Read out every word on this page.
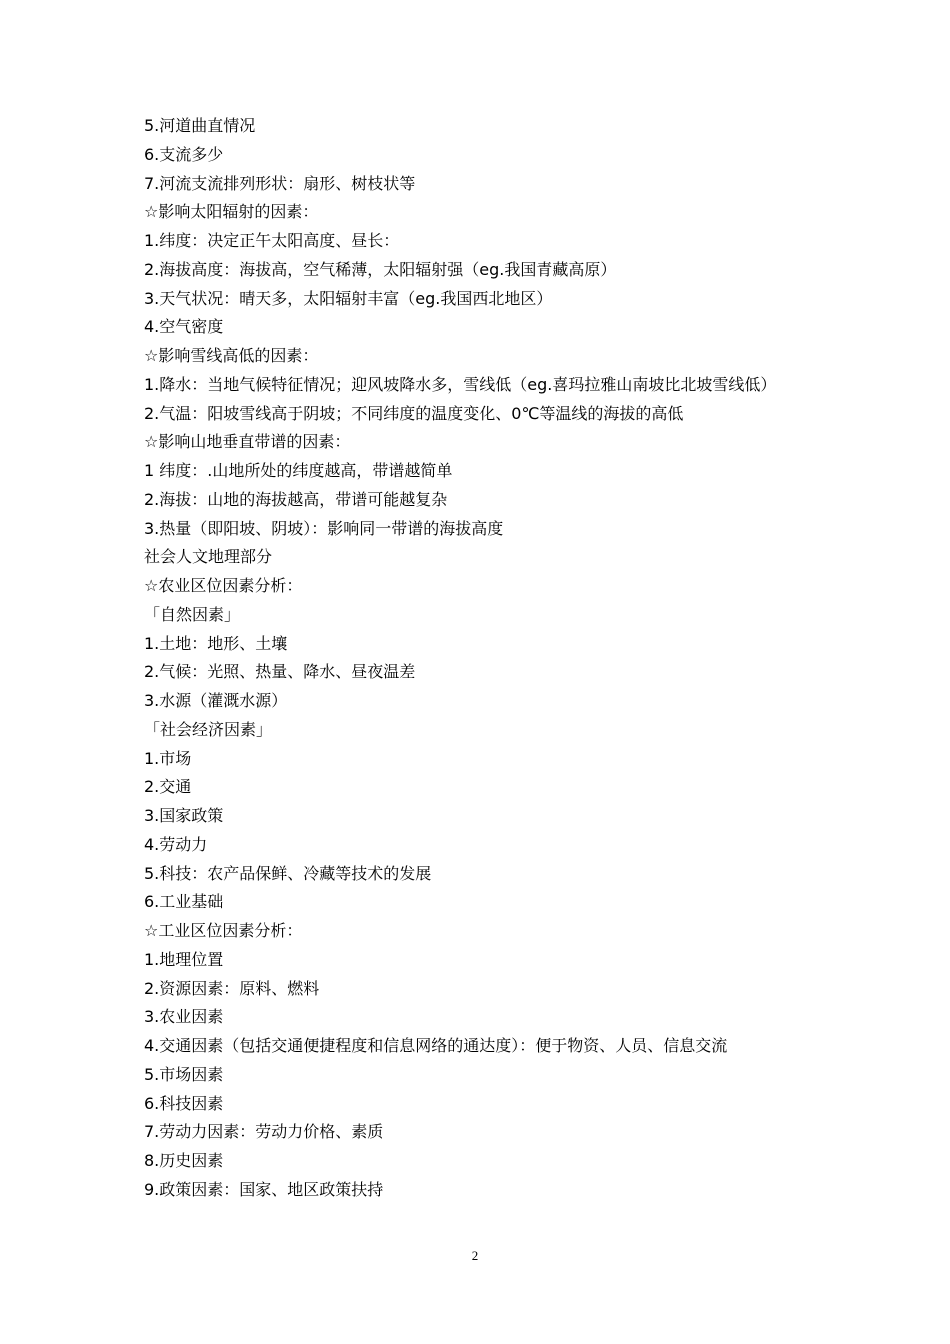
5.河道曲直情况
6.支流多少
7.河流支流排列形状：扇形、树枝状等
☆影响太阳辐射的因素：
1.纬度：决定正午太阳高度、昼长：
2.海拔高度：海拔高，空气稀薄，太阳辐射强（eg.我国青藏高原）
3.天气状况：晴天多，太阳辐射丰富（eg.我国西北地区）
4.空气密度
☆影响雪线高低的因素：
1.降水：当地气候特征情况；迎风坡降水多，雪线低（eg.喜玛拉雅山南坡比北坡雪线低）
2.气温：阳坡雪线高于阴坡；不同纬度的温度变化、0℃等温线的海拔的高低
☆影响山地垂直带谱的因素：
1 纬度：.山地所处的纬度越高，带谱越简单
2.海拔：山地的海拔越高，带谱可能越复杂
3.热量（即阳坡、阴坡）：影响同一带谱的海拔高度
社会人文地理部分
☆农业区位因素分析：
「自然因素」
1.土地：地形、土壤
2.气候：光照、热量、降水、昼夜温差
3.水源（灌溉水源）
「社会经济因素」
1.市场
2.交通
3.国家政策
4.劳动力
5.科技：农产品保鲜、冷藏等技术的发展
6.工业基础
☆工业区位因素分析：
1.地理位置
2.资源因素：原料、燃料
3.农业因素
4.交通因素（包括交通便捷程度和信息网络的通达度）：便于物资、人员、信息交流
5.市场因素
6.科技因素
7.劳动力因素：劳动力价格、素质
8.历史因素
9.政策因素：国家、地区政策扶持
2
